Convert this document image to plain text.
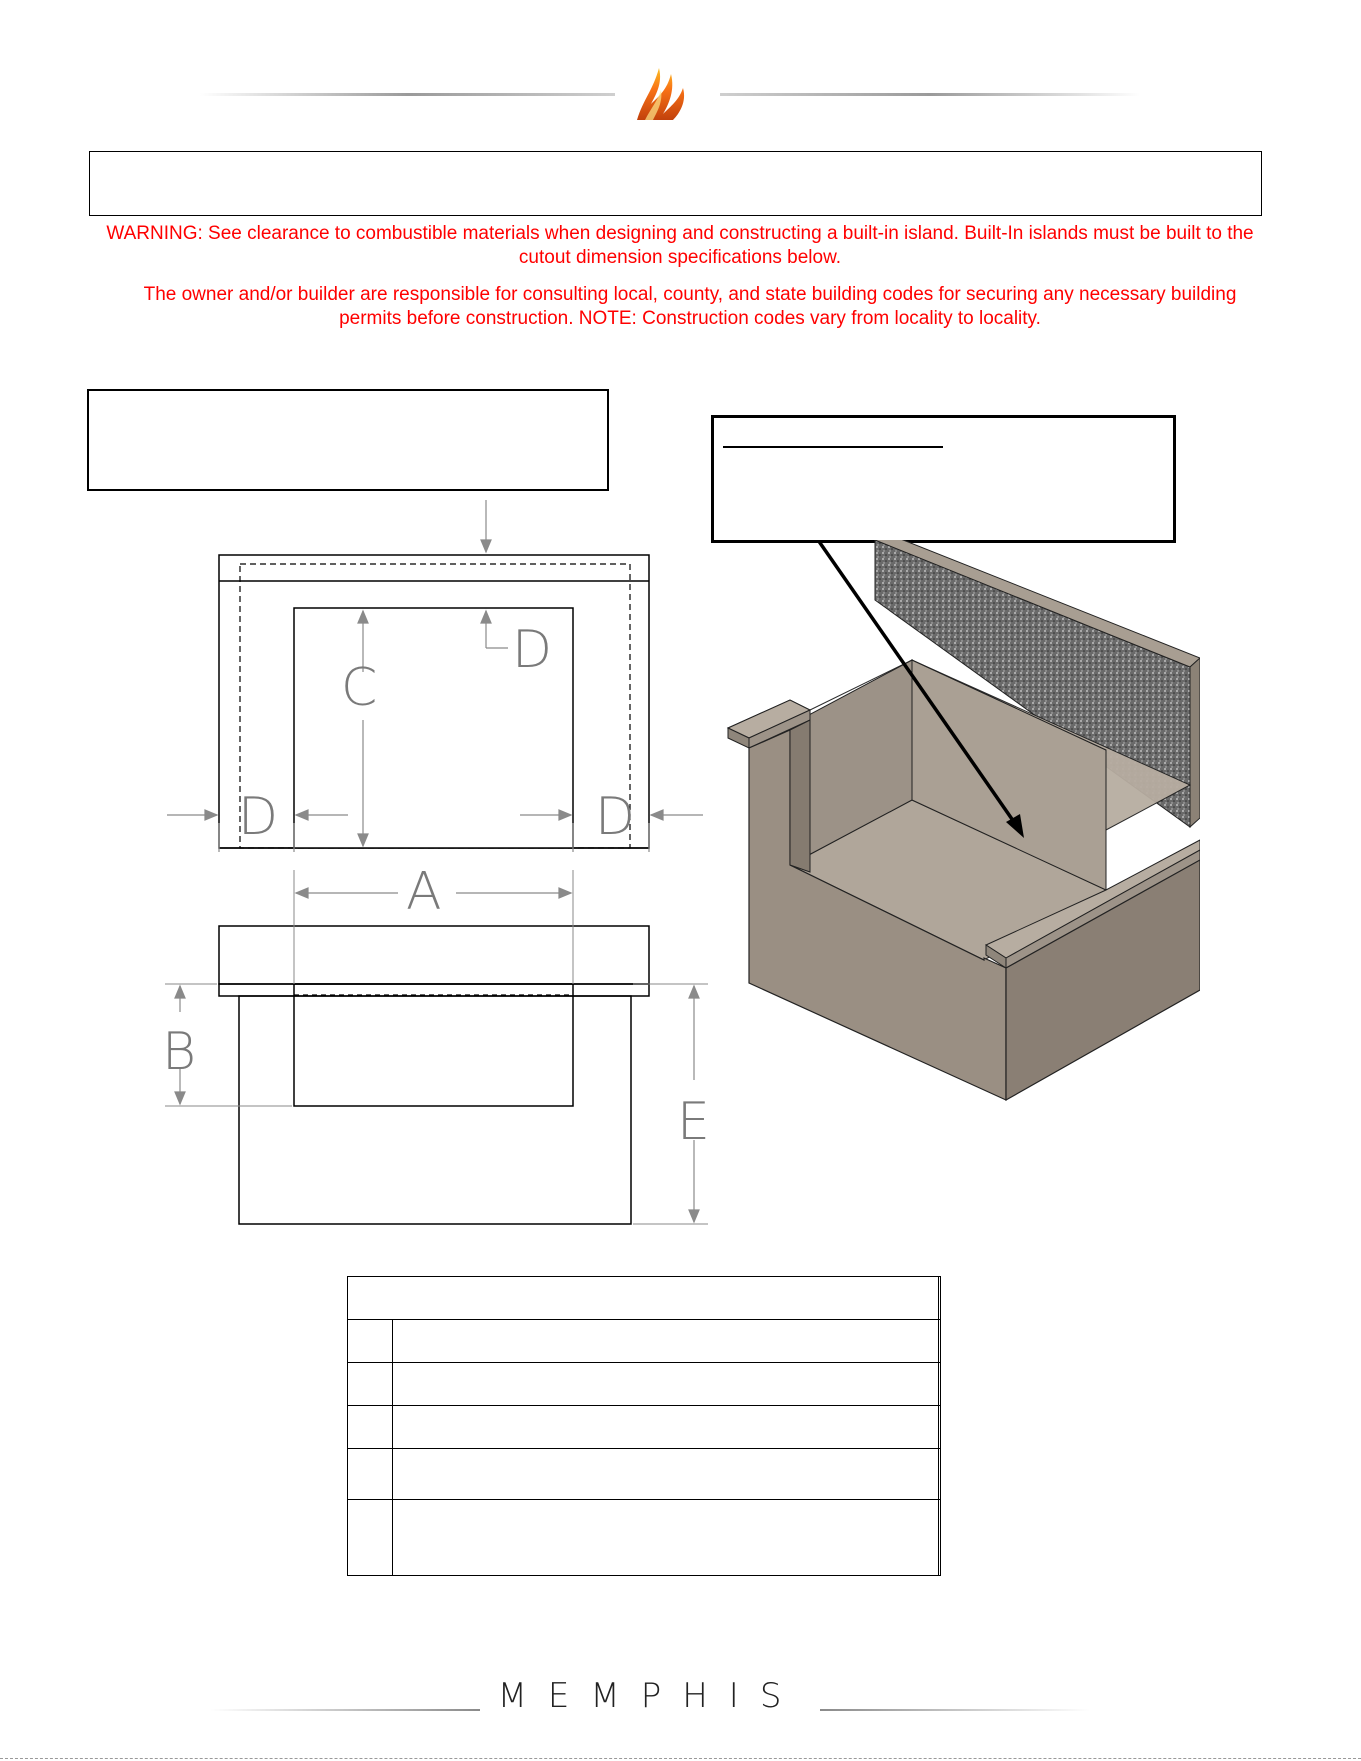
WARNING: See clearance to combustible materials when designing and constructing a built-in island. Built-In islands must be built to the cutout dimension specifications below.
The owner and/or builder are responsible for consulting local, county, and state building codes for securing any necessary building permits before construction. NOTE: Construction codes vary from locality to locality.
D
C
D	D
A
B
E

MEMPHIS
